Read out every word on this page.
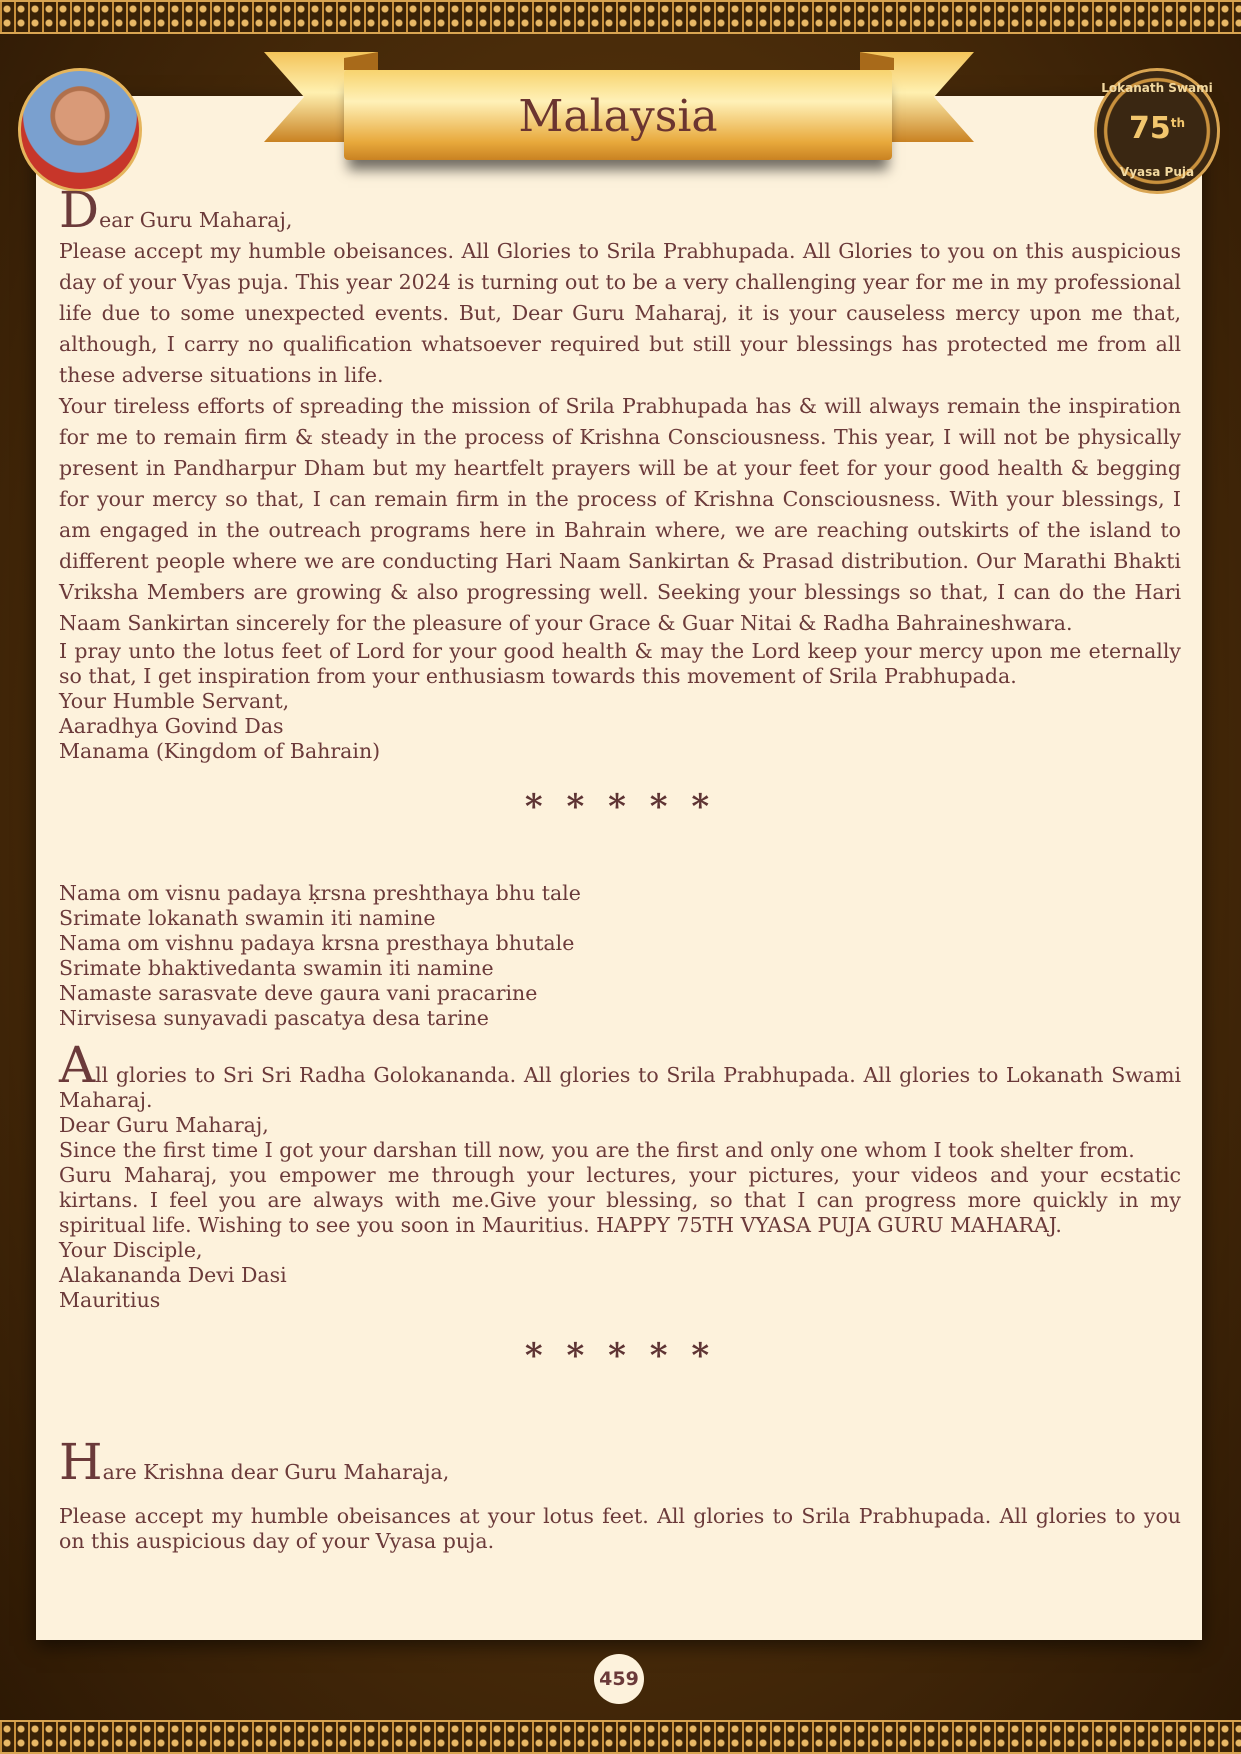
Malaysia
Lokanath Swami
75th
Vyasa Puja
Dear Guru Maharaj,

Please accept my humble obeisances. All Glories to Srila Prabhupada. All Glories to you on this auspicious day of your Vyas puja. This year 2024 is turning out to be a very challenging year for me in my professional life due to some unexpected events. But, Dear Guru Maharaj, it is your causeless mercy upon me that, although, I carry no qualification whatsoever required but still your blessings has protected me from all these adverse situations in life.

Your tireless efforts of spreading the mission of Srila Prabhupada has & will always remain the inspiration for me to remain firm & steady in the process of Krishna Consciousness. This year, I will not be physically present in Pandharpur Dham but my heartfelt prayers will be at your feet for your good health & begging for your mercy so that, I can remain firm in the process of Krishna Consciousness. With your blessings, I am engaged in the outreach programs here in Bahrain where, we are reaching outskirts of the island to different people where we are conducting Hari Naam Sankirtan & Prasad distribution. Our Marathi Bhakti Vriksha Members are growing & also progressing well. Seeking your blessings so that, I can do the Hari Naam Sankirtan sincerely for the pleasure of your Grace & Guar Nitai & Radha Bahraineshwara.

I pray unto the lotus feet of Lord for your good health & may the Lord keep your mercy upon me eternally so that, I get inspiration from your enthusiasm towards this movement of Srila Prabhupada.

Your Humble Servant,
Aaradhya Govind Das
Manama (Kingdom of Bahrain)
* * * * *
Nama om visnu padaya ḳrsna preshthaya bhu tale
Srimate lokanath swamin iti namine
Nama om vishnu padaya krsna presthaya bhutale
Srimate bhaktivedanta swamin iti namine
Namaste sarasvate deve gaura vani pracarine
Nirvisesa sunyavadi pascatya desa tarine

All glories to Sri Sri Radha Golokananda. All glories to Srila Prabhupada. All glories to Lokanath Swami Maharaj.

Dear Guru Maharaj,

Since the first time I got your darshan till now, you are the first and only one whom I took shelter from.

Guru Maharaj, you empower me through your lectures, your pictures, your videos and your ecstatic kirtans. I feel you are always with me.Give your blessing, so that I can progress more quickly in my spiritual life. Wishing to see you soon in Mauritius. HAPPY 75TH VYASA PUJA GURU MAHARAJ.

Your Disciple,
Alakananda Devi Dasi
Mauritius
* * * * *
Hare Krishna dear Guru Maharaja,

Please accept my humble obeisances at your lotus feet. All glories to Srila Prabhupada. All glories to you on this auspicious day of your Vyasa puja.

459
